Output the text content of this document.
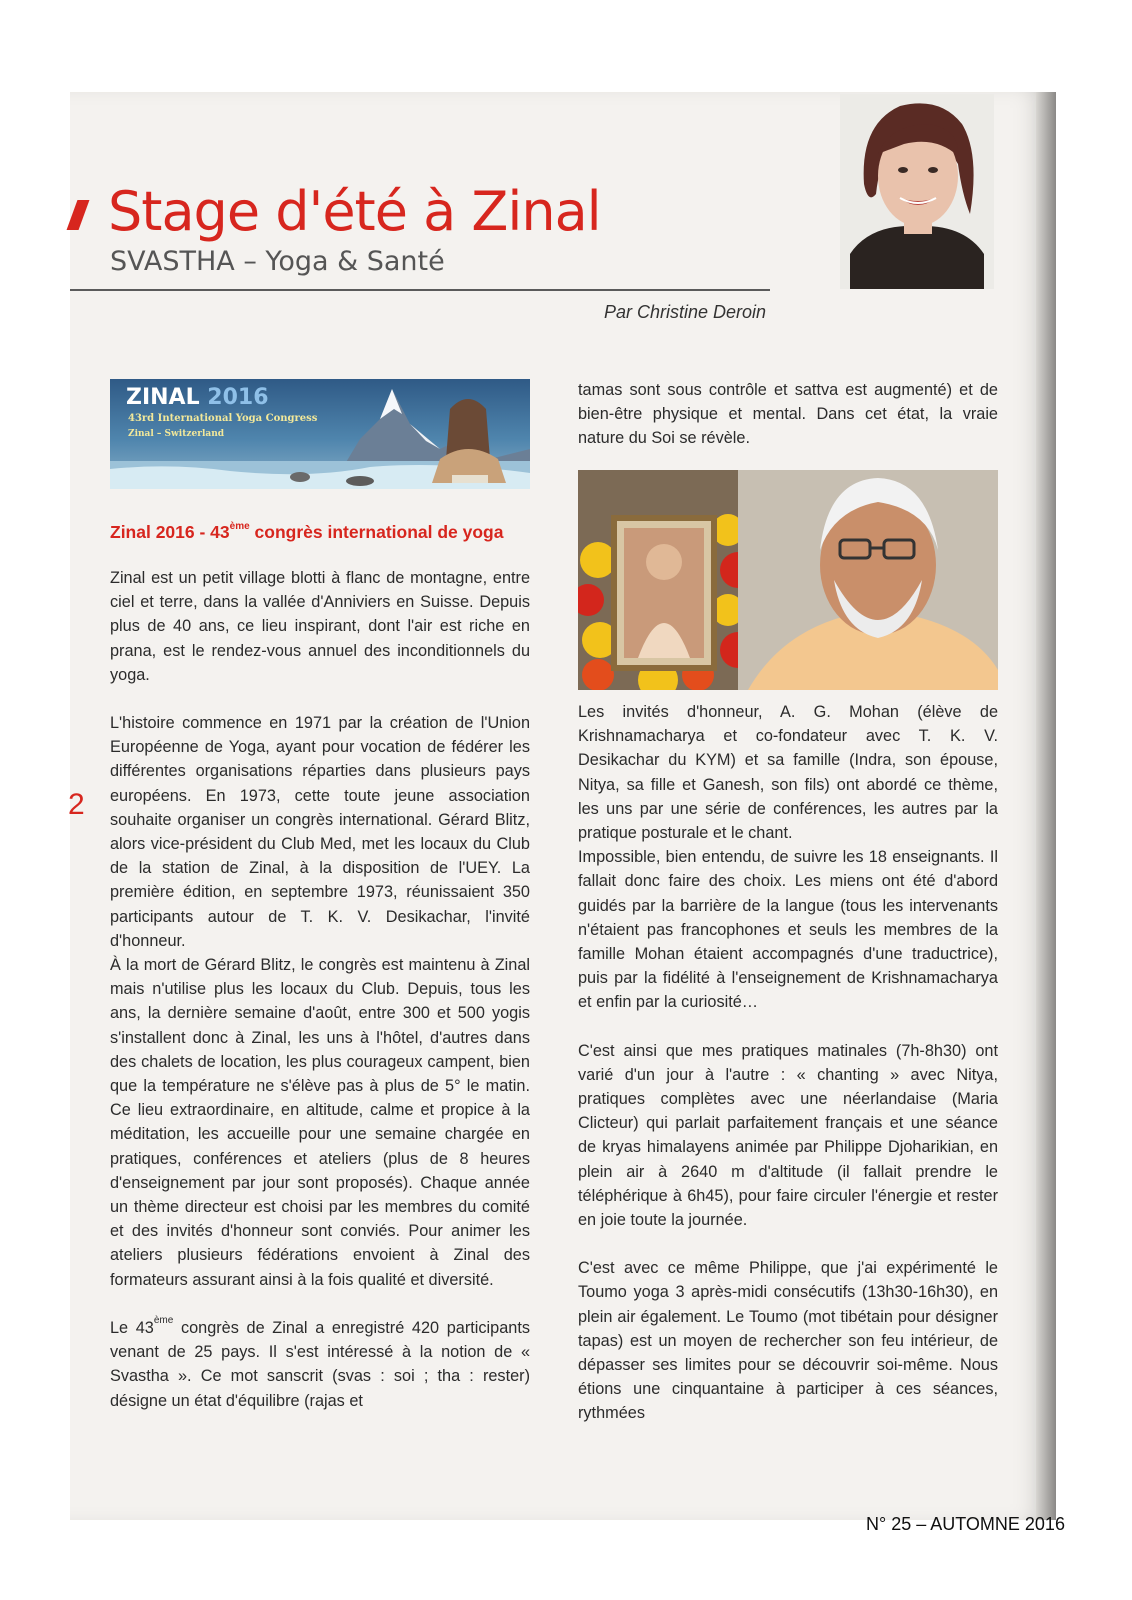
Stage d'été à Zinal
SVASTHA – Yoga & Santé
Par Christine Deroin
ZINAL 2016
43rd International Yoga Congress
Zinal – Switzerland
Zinal 2016 - 43ème congrès international de yoga

Zinal est un petit village blotti à flanc de montagne, entre ciel et terre, dans la vallée d'Anniviers en Suisse. Depuis plus de 40 ans, ce lieu inspirant, dont l'air est riche en prana, est le rendez-vous annuel des inconditionnels du yoga.

L'histoire commence en 1971 par la création de l'Union Européenne de Yoga, ayant pour vocation de fédérer les différentes organisations réparties dans plusieurs pays européens. En 1973, cette toute jeune association souhaite organiser un congrès international. Gérard Blitz, alors vice-président du Club Med, met les locaux du Club de la station de Zinal, à la disposition de l'UEY. La première édition, en septembre 1973, réunissaient 350 participants autour de T. K. V. Desikachar, l'invité d'honneur.

À la mort de Gérard Blitz, le congrès est maintenu à Zinal mais n'utilise plus les locaux du Club. Depuis, tous les ans, la dernière semaine d'août, entre 300 et 500 yogis s'installent donc à Zinal, les uns à l'hôtel, d'autres dans des chalets de location, les plus courageux campent, bien que la température ne s'élève pas à plus de 5° le matin. Ce lieu extraordinaire, en altitude, calme et propice à la méditation, les accueille pour une semaine chargée en pratiques, conférences et ateliers (plus de 8 heures d'enseignement par jour sont proposés). Chaque année un thème directeur est choisi par les membres du comité et des invités d'honneur sont conviés. Pour animer les ateliers plusieurs fédérations envoient à Zinal des formateurs assurant ainsi à la fois qualité et diversité.

Le 43ème congrès de Zinal a enregistré 420 participants venant de 25 pays. Il s'est intéressé à la notion de « Svastha ». Ce mot sanscrit (svas : soi ; tha : rester) désigne un état d'équilibre (rajas et

2

tamas sont sous contrôle et sattva est augmenté) et de bien-être physique et mental. Dans cet état, la vraie nature du Soi se révèle.

Les invités d'honneur, A. G. Mohan (élève de Krishnamacharya et co-fondateur avec T. K. V. Desikachar du KYM) et sa famille (Indra, son épouse, Nitya, sa fille et Ganesh, son fils) ont abordé ce thème, les uns par une série de conférences, les autres par la pratique posturale et le chant.

Impossible, bien entendu, de suivre les 18 enseignants. Il fallait donc faire des choix. Les miens ont été d'abord guidés par la barrière de la langue (tous les intervenants n'étaient pas francophones et seuls les membres de la famille Mohan étaient accompagnés d'une traductrice), puis par la fidélité à l'enseignement de Krishnamacharya et enfin par la curiosité…

C'est ainsi que mes pratiques matinales (7h-8h30) ont varié d'un jour à l'autre : « chanting » avec Nitya, pratiques complètes avec une néerlandaise (Maria Clicteur) qui parlait parfaitement français et une séance de kryas himalayens animée par Philippe Djoharikian, en plein air à 2640 m d'altitude (il fallait prendre le téléphérique à 6h45), pour faire circuler l'énergie et rester en joie toute la journée.

C'est avec ce même Philippe, que j'ai expérimenté le Toumo yoga 3 après-midi consécutifs (13h30-16h30), en plein air également. Le Toumo (mot tibétain pour désigner tapas) est un moyen de rechercher son feu intérieur, de dépasser ses limites pour se découvrir soi-même. Nous étions une cinquantaine à participer à ces séances, rythmées

N° 25 – AUTOMNE 2016
